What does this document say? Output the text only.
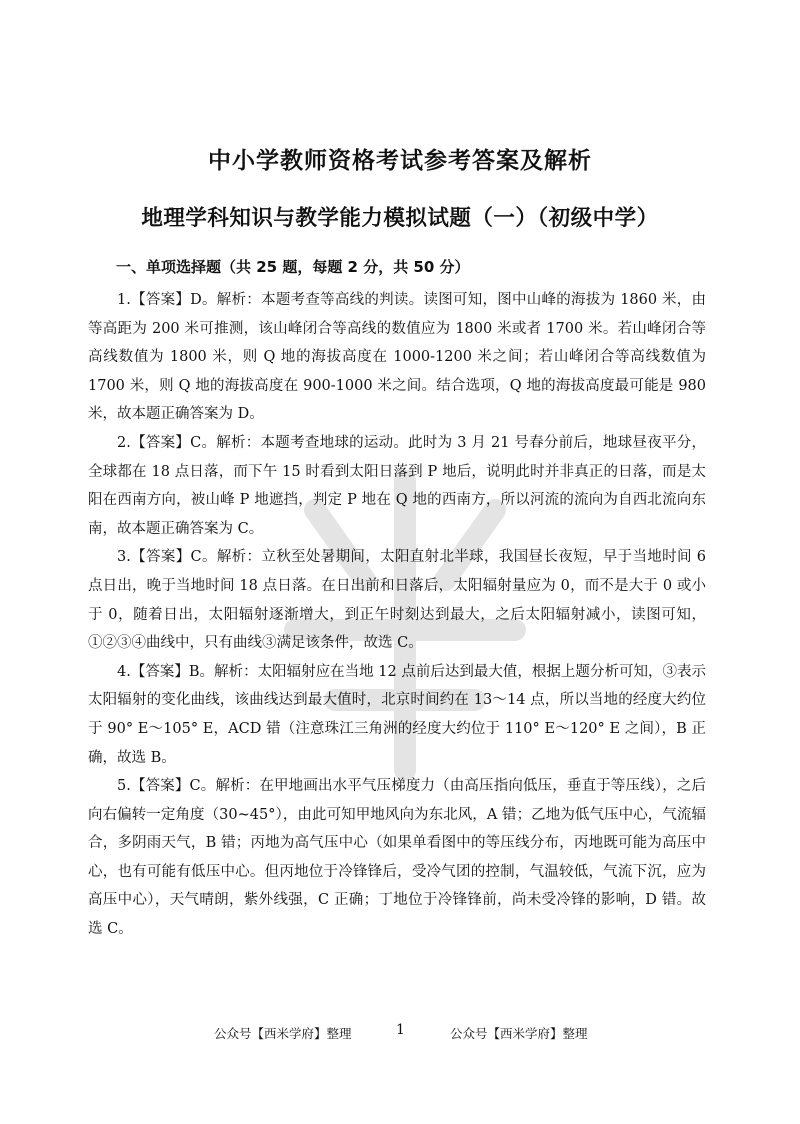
中小学教师资格考试参考答案及解析
地理学科知识与教学能力模拟试题（一）（初级中学）
一、单项选择题（共 25 题，每题 2 分，共 50 分）

1.【答案】D。解析：本题考查等高线的判读。读图可知，图中山峰的海拔为 1860 米，由等高距为 200 米可推测，该山峰闭合等高线的数值应为 1800 米或者 1700 米。若山峰闭合等高线数值为 1800 米，则 Q 地的海拔高度在 1000-1200 米之间；若山峰闭合等高线数值为 1700 米，则 Q 地的海拔高度在 900-1000 米之间。结合选项，Q 地的海拔高度最可能是 980 米，故本题正确答案为 D。

2.【答案】C。解析：本题考查地球的运动。此时为 3 月 21 号春分前后，地球昼夜平分，全球都在 18 点日落，而下午 15 时看到太阳日落到 P 地后，说明此时并非真正的日落，而是太阳在西南方向，被山峰 P 地遮挡，判定 P 地在 Q 地的西南方，所以河流的流向为自西北流向东南，故本题正确答案为 C。

3.【答案】C。解析：立秋至处暑期间，太阳直射北半球，我国昼长夜短，早于当地时间 6 点日出，晚于当地时间 18 点日落。在日出前和日落后，太阳辐射量应为 0，而不是大于 0 或小于 0，随着日出，太阳辐射逐渐增大，到正午时刻达到最大，之后太阳辐射减小，读图可知，①②③④曲线中，只有曲线③满足该条件，故选 C。

4.【答案】B。解析：太阳辐射应在当地 12 点前后达到最大值，根据上题分析可知，③表示太阳辐射的变化曲线，该曲线达到最大值时，北京时间约在 13～14 点，所以当地的经度大约位于 90° E～105° E，ACD 错（注意珠江三角洲的经度大约位于 110° E～120° E 之间），B 正确，故选 B。

5.【答案】C。解析：在甲地画出水平气压梯度力（由高压指向低压，垂直于等压线），之后向右偏转一定角度（30~45°），由此可知甲地风向为东北风，A 错；乙地为低气压中心，气流辐合，多阴雨天气，B 错；丙地为高气压中心（如果单看图中的等压线分布，丙地既可能为高压中心，也有可能有低压中心。但丙地位于冷锋锋后，受冷气团的控制，气温较低，气流下沉，应为高压中心），天气晴朗，紫外线强，C 正确；丁地位于冷锋锋前，尚未受冷锋的影响，D 错。故选 C。

公众号【西米学府】整理	1	公众号【西米学府】整理
